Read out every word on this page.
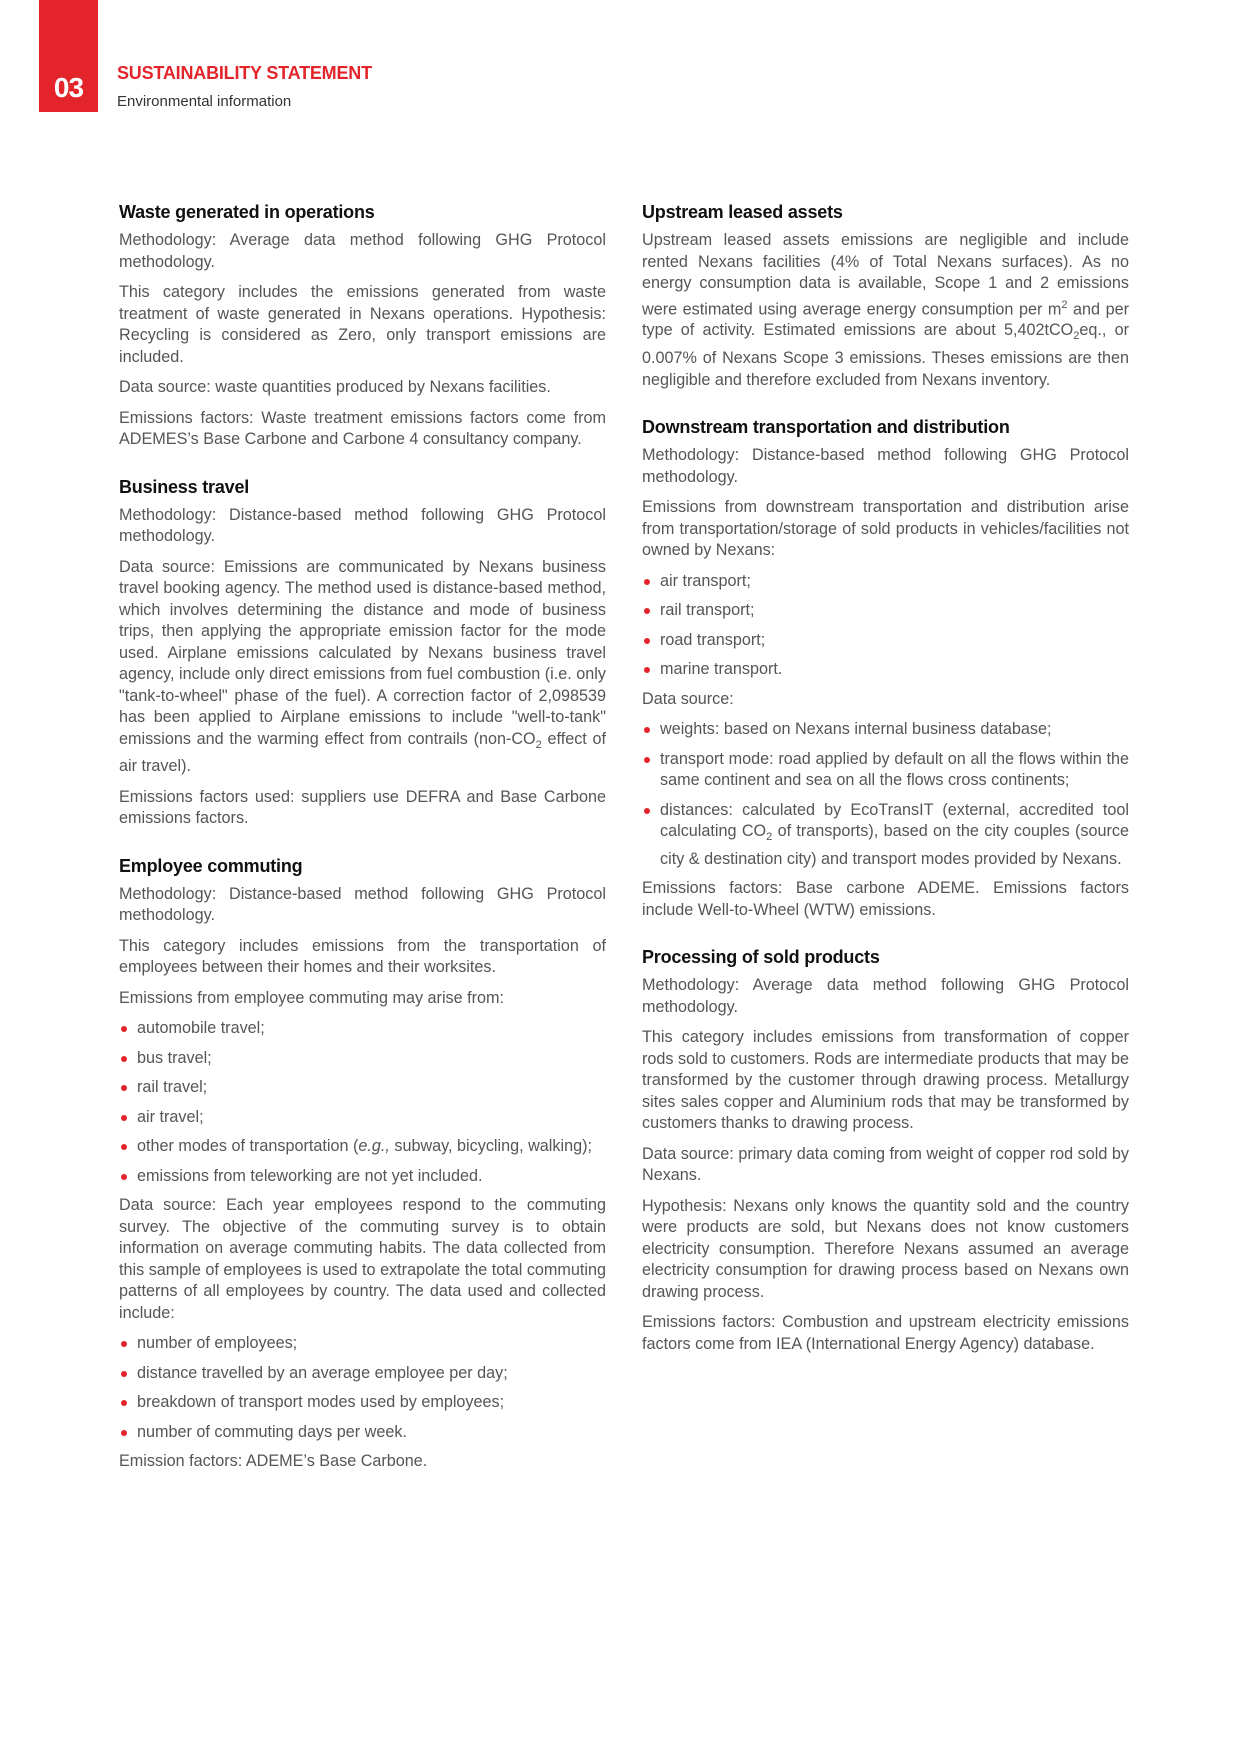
03	SUSTAINABILITY STATEMENT
Environmental information
Waste generated in operations

Methodology: Average data method following GHG Protocol methodology.

This category includes the emissions generated from waste treatment of waste generated in Nexans operations. Hypothesis: Recycling is considered as Zero, only transport emissions are included.

Data source: waste quantities produced by Nexans facilities.

Emissions factors: Waste treatment emissions factors come from ADEMES’s Base Carbone and Carbone 4 consultancy company.

Business travel

Methodology: Distance-based method following GHG Protocol methodology.

Data source: Emissions are communicated by Nexans business travel booking agency. The method used is distance-based method, which involves determining the distance and mode of business trips, then applying the appropriate emission factor for the mode used. Airplane emissions calculated by Nexans business travel agency, include only direct emissions from fuel combustion (i.e. only "tank-to-wheel" phase of the fuel). A correction factor of 2,098539 has been applied to Airplane emissions to include "well-to-tank" emissions and the warming effect from contrails ($non-CO_2$ effect of air travel).

Emissions factors used: suppliers use DEFRA and Base Carbone emissions factors.

Employee commuting

Methodology: Distance-based method following GHG Protocol methodology.

This category includes emissions from the transportation of employees between their homes and their worksites.

Emissions from employee commuting may arise from:

automobile travel;
bus travel;
rail travel;
air travel;
other modes of transportation (e.g., subway, bicycling, walking);
emissions from teleworking are not yet included.

Data source: Each year employees respond to the commuting survey. The objective of the commuting survey is to obtain information on average commuting habits. The data collected from this sample of employees is used to extrapolate the total commuting patterns of all employees by country. The data used and collected include:

number of employees;
distance travelled by an average employee per day;
breakdown of transport modes used by employees;
number of commuting days per week.

Emission factors: ADEME’s Base Carbone.

Upstream leased assets

Upstream leased assets emissions are negligible and include rented Nexans facilities (4% of Total Nexans surfaces). As no energy consumption data is available, Scope 1 and 2 emissions were estimated using average energy consumption per $m^2$ and per type of activity. Estimated emissions are about 5,402tCO$_2$eq., or 0.007% of Nexans Scope 3 emissions. Theses emissions are then negligible and therefore excluded from Nexans inventory.

Downstream transportation and distribution

Methodology: Distance-based method following GHG Protocol methodology.

Emissions from downstream transportation and distribution arise from transportation/storage of sold products in vehicles/facilities not owned by Nexans:

air transport;
rail transport;
road transport;
marine transport.

Data source:

weights: based on Nexans internal business database;
transport mode: road applied by default on all the flows within the same continent and sea on all the flows cross continents;
distances: calculated by EcoTransIT (external, accredited tool calculating $CO_2$ of transports), based on the city couples (source city & destination city) and transport modes provided by Nexans.

Emissions factors: Base carbone ADEME. Emissions factors include Well-to-Wheel (WTW) emissions.

Processing of sold products

Methodology: Average data method following GHG Protocol methodology.

This category includes emissions from transformation of copper rods sold to customers. Rods are intermediate products that may be transformed by the customer through drawing process. Metallurgy sites sales copper and Aluminium rods that may be transformed by customers thanks to drawing process.

Data source: primary data coming from weight of copper rod sold by Nexans.

Hypothesis: Nexans only knows the quantity sold and the country were products are sold, but Nexans does not know customers electricity consumption. Therefore Nexans assumed an average electricity consumption for drawing process based on Nexans own drawing process.

Emissions factors: Combustion and upstream electricity emissions factors come from IEA (International Energy Agency) database.
